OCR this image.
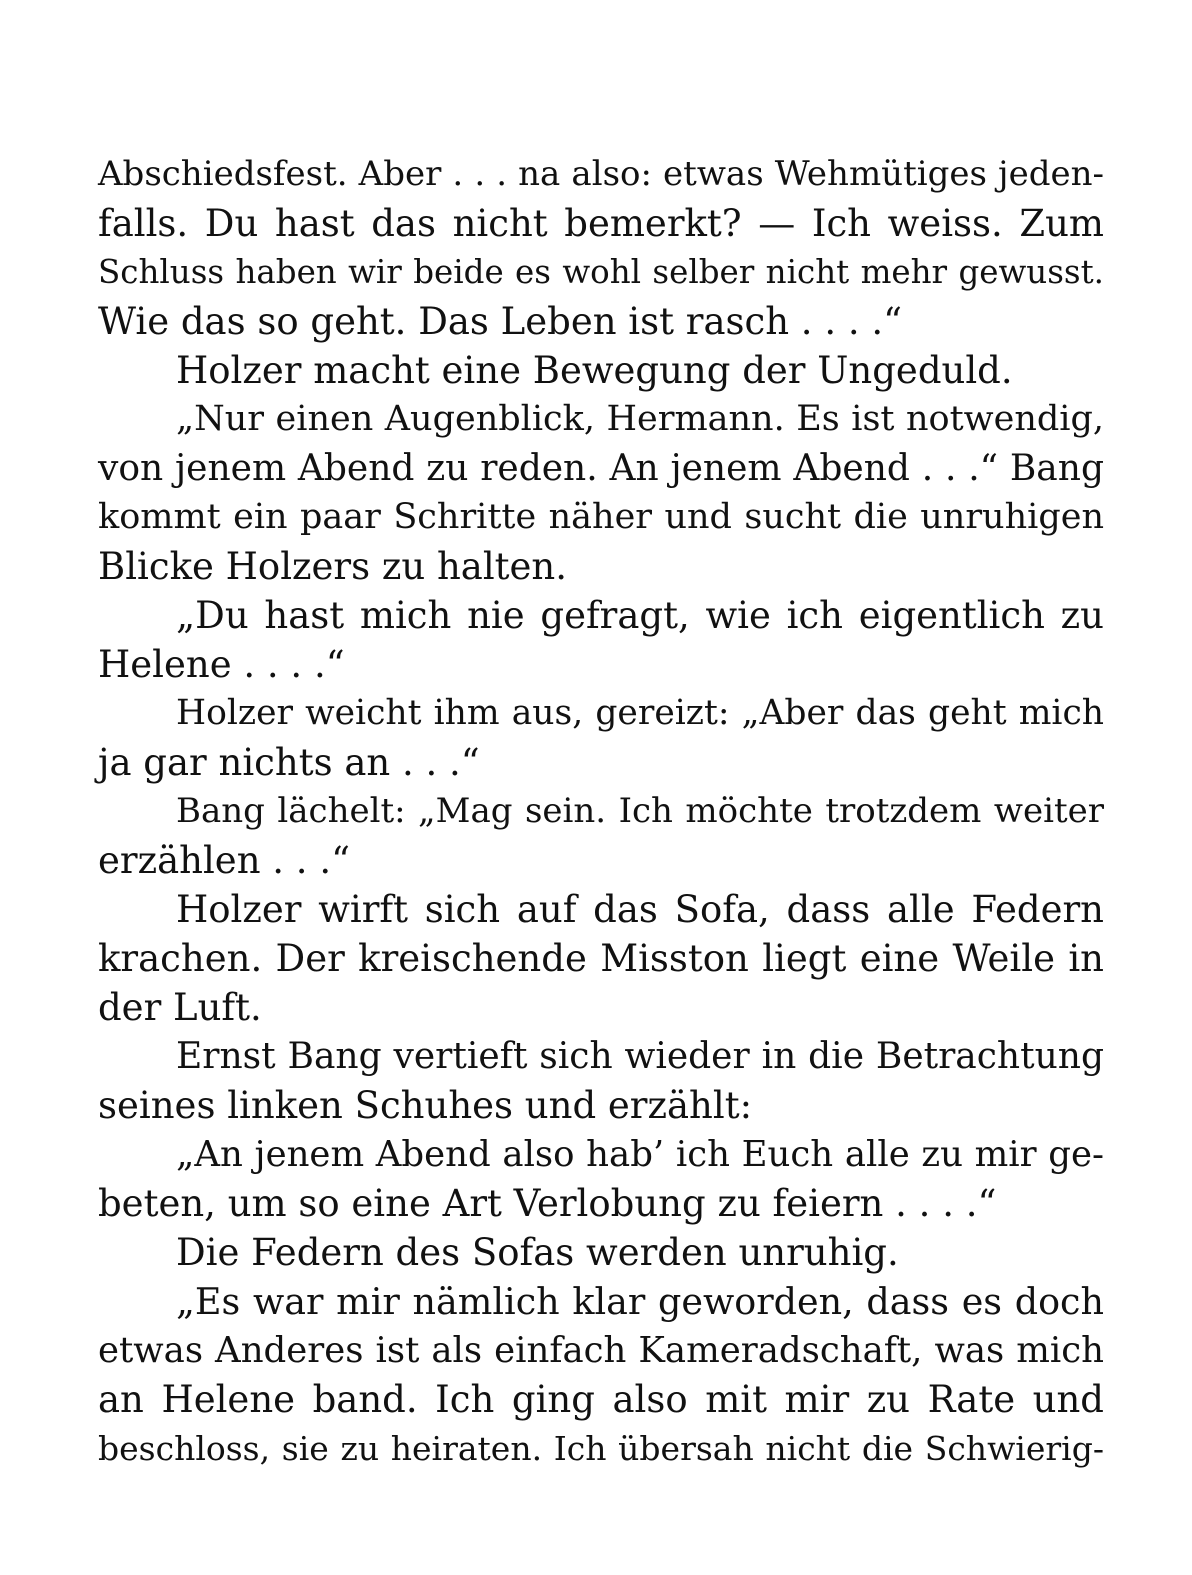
Abschiedsfest. Aber . . . na also: etwas Wehmütiges jeden-
falls. Du hast das nicht bemerkt? — Ich weiss. Zum
Schluss haben wir beide es wohl selber nicht mehr gewusst.
Wie das so geht. Das Leben ist rasch . . . .“
Holzer macht eine Bewegung der Ungeduld.
„Nur einen Augenblick, Hermann. Es ist notwendig,
von jenem Abend zu reden. An jenem Abend . . .“ Bang
kommt ein paar Schritte näher und sucht die unruhigen
Blicke Holzers zu halten.
„Du hast mich nie gefragt, wie ich eigentlich zu
Helene . . . .“
Holzer weicht ihm aus, gereizt: „Aber das geht mich
ja gar nichts an . . .“
Bang lächelt: „Mag sein. Ich möchte trotzdem weiter
erzählen . . .“
Holzer wirft sich auf das Sofa, dass alle Federn
krachen. Der kreischende Misston liegt eine Weile in
der Luft.
Ernst Bang vertieft sich wieder in die Betrachtung
seines linken Schuhes und erzählt:
„An jenem Abend also hab’ ich Euch alle zu mir ge-
beten, um so eine Art Verlobung zu feiern . . . .“
Die Federn des Sofas werden unruhig.
„Es war mir nämlich klar geworden, dass es doch
etwas Anderes ist als einfach Kameradschaft, was mich
an Helene band. Ich ging also mit mir zu Rate und
beschloss, sie zu heiraten. Ich übersah nicht die Schwierig-
